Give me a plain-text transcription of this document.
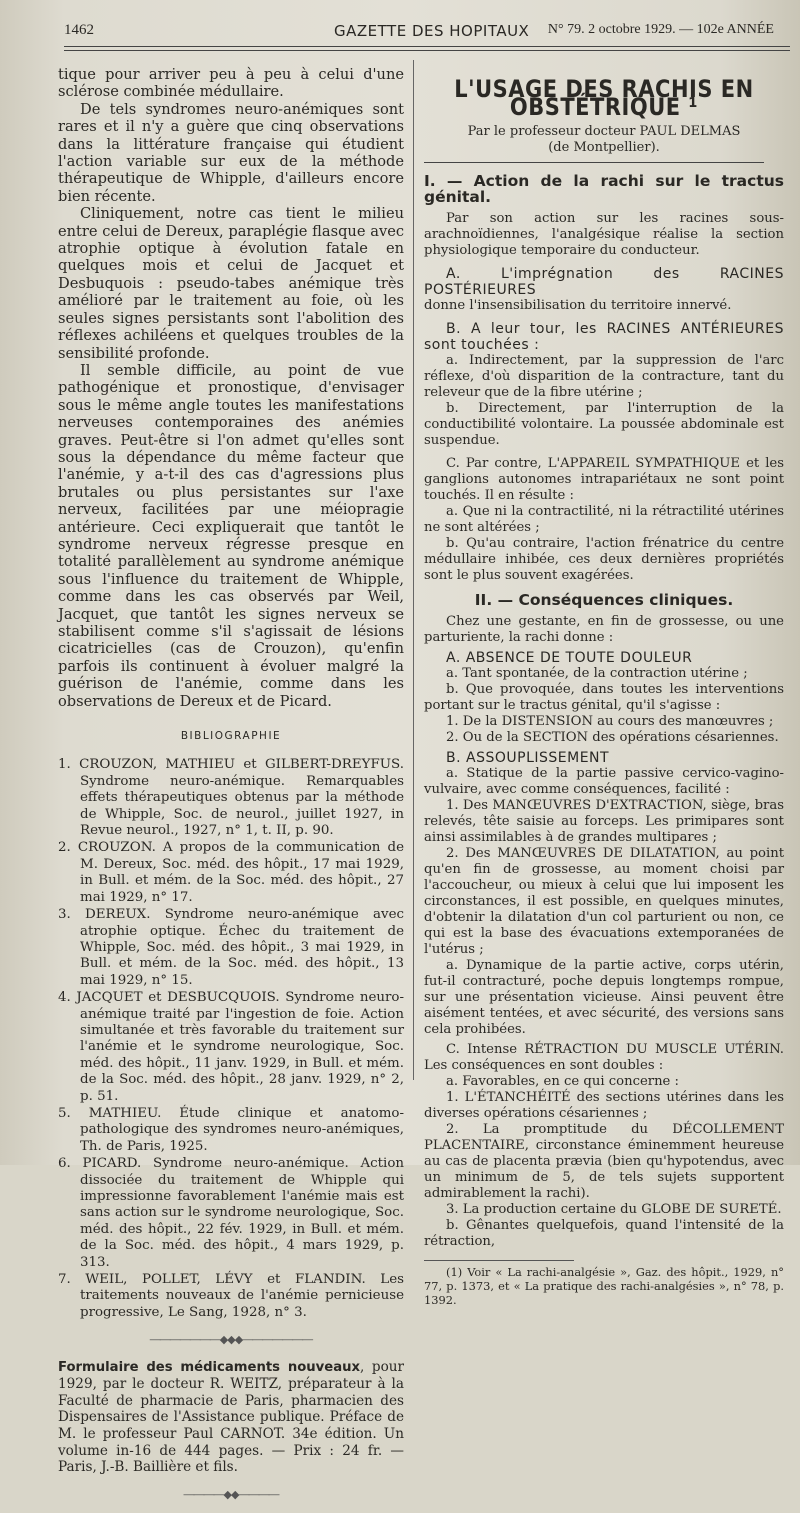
1462	GAZETTE DES HOPITAUX N° 79. 2 octobre 1929. — 102e ANNÉE

tique pour arriver peu à peu à celui d'une sclérose combinée médullaire.

De tels syndromes neuro-anémiques sont rares et il n'y a guère que cinq observations dans la littérature française qui étudient l'action variable sur eux de la méthode thérapeutique de Whipple, d'ailleurs encore bien récente.

Cliniquement, notre cas tient le milieu entre celui de Dereux, paraplégie flasque avec atrophie optique à évolution fatale en quelques mois et celui de Jacquet et Desbuquois : pseudo-tabes anémique très amélioré par le traitement au foie, où les seules signes persistants sont l'abolition des réflexes achiléens et quelques troubles de la sensibilité profonde.

Il semble difficile, au point de vue pathogénique et pronostique, d'envisager sous le même angle toutes les manifestations nerveuses contemporaines des anémies graves. Peut-être si l'on admet qu'elles sont sous la dépendance du même facteur que l'anémie, y a-t-il des cas d'agressions plus brutales ou plus persistantes sur l'axe nerveux, facilitées par une méiopragie antérieure. Ceci expliquerait que tantôt le syndrome nerveux régresse presque en totalité parallèlement au syndrome anémique sous l'influence du traitement de Whipple, comme dans les cas observés par Weil, Jacquet, que tantôt les signes nerveux se stabilisent comme s'il s'agissait de lésions cicatricielles (cas de Crouzon), qu'enfin parfois ils continuent à évoluer malgré la guérison de l'anémie, comme dans les observations de Dereux et de Picard.

BIBLIOGRAPHIE

1. CROUZON, MATHIEU et GILBERT-DREYFUS. Syndrome neuro-anémique. Remarquables effets thérapeutiques obtenus par la méthode de Whipple, Soc. de neurol., juillet 1927, in Revue neurol., 1927, n° 1, t. II, p. 90.

2. CROUZON. A propos de la communication de M. Dereux, Soc. méd. des hôpit., 17 mai 1929, in Bull. et mém. de la Soc. méd. des hôpit., 27 mai 1929, n° 17.

3. DEREUX. Syndrome neuro-anémique avec atrophie optique. Échec du traitement de Whipple, Soc. méd. des hôpit., 3 mai 1929, in Bull. et mém. de la Soc. méd. des hôpit., 13 mai 1929, n° 15.

4. JACQUET et DESBUCQUOIS. Syndrome neuro-anémique traité par l'ingestion de foie. Action simultanée et très favorable du traitement sur l'anémie et le syndrome neurologique, Soc. méd. des hôpit., 11 janv. 1929, in Bull. et mém. de la Soc. méd. des hôpit., 28 janv. 1929, n° 2, p. 51.

5. MATHIEU. Étude clinique et anatomo-pathologique des syndromes neuro-anémiques, Th. de Paris, 1925.

6. PICARD. Syndrome neuro-anémique. Action dissociée du traitement de Whipple qui impressionne favorablement l'anémie mais est sans action sur le syndrome neurologique, Soc. méd. des hôpit., 22 fév. 1929, in Bull. et mém. de la Soc. méd. des hôpit., 4 mars 1929, p. 313.

7. WEIL, POLLET, LÉVY et FLANDIN. Les traitements nouveaux de l'anémie pernicieuse progressive, Le Sang, 1928, n° 3.

―――――――◆◆◆―――――――

Formulaire des médicaments nouveaux, pour 1929, par le docteur R. WEITZ, préparateur à la Faculté de pharmacie de Paris, pharmacien des Dispensaires de l'Assistance publique. Préface de M. le professeur Paul CARNOT. 34e édition. Un volume in-16 de 444 pages. — Prix : 24 fr. — Paris, J.-B. Baillière et fils.

――――◆◆――――
L'USAGE DES RACHIS EN OBSTÉTRIQUE ¹

Par le professeur docteur PAUL DELMAS

(de Montpellier).

I. — Action de la rachi sur le tractus génital.

Par son action sur les racines sous-arachnoïdiennes, l'analgésique réalise la section physiologique temporaire du conducteur.

A. L'imprégnation des RACINES POSTÉRIEURES

donne l'insensibilisation du territoire innervé.

B. A leur tour, les RACINES ANTÉRIEURES sont touchées :

a. Indirectement, par la suppression de l'arc réflexe, d'où disparition de la contracture, tant du releveur que de la fibre utérine ;

b. Directement, par l'interruption de la conductibilité volontaire. La poussée abdominale est suspendue.

C. Par contre, L'APPAREIL SYMPATHIQUE et les ganglions autonomes intrapariétaux ne sont point touchés. Il en résulte :

a. Que ni la contractilité, ni la rétractilité utérines ne sont altérées ;

b. Qu'au contraire, l'action frénatrice du centre médullaire inhibée, ces deux dernières propriétés sont le plus souvent exagérées.

II. — Conséquences cliniques.

Chez une gestante, en fin de grossesse, ou une parturiente, la rachi donne :

A. ABSENCE DE TOUTE DOULEUR

a. Tant spontanée, de la contraction utérine ;

b. Que provoquée, dans toutes les interventions portant sur le tractus génital, qu'il s'agisse :

1. De la DISTENSION au cours des manœuvres ;

2. Ou de la SECTION des opérations césariennes.

B. ASSOUPLISSEMENT

a. Statique de la partie passive cervico-vagino-vulvaire, avec comme conséquences, facilité :

1. Des MANŒUVRES D'EXTRACTION, siège, bras relevés, tête saisie au forceps. Les primipares sont ainsi assimilables à de grandes multipares ;

2. Des MANŒUVRES DE DILATATION, au point qu'en fin de grossesse, au moment choisi par l'accoucheur, ou mieux à celui que lui imposent les circonstances, il est possible, en quelques minutes, d'obtenir la dilatation d'un col parturient ou non, ce qui est la base des évacuations extemporanées de l'utérus ;

a. Dynamique de la partie active, corps utérin, fut-il contracturé, poche depuis longtemps rompue, sur une présentation vicieuse. Ainsi peuvent être aisément tentées, et avec sécurité, des versions sans cela prohibées.

C. Intense RÉTRACTION DU MUSCLE UTÉRIN. Les conséquences en sont doubles :

a. Favorables, en ce qui concerne :

1. L'ÉTANCHÉITÉ des sections utérines dans les diverses opérations césariennes ;

2. La promptitude du DÉCOLLEMENT PLACENTAIRE, circonstance éminemment heureuse au cas de placenta prævia (bien qu'hypotendus, avec un minimum de 5, de tels sujets supportent admirablement la rachi).

3. La production certaine du GLOBE DE SURETÉ.

b. Gênantes quelquefois, quand l'intensité de la rétraction,

(1) Voir « La rachi-analgésie », Gaz. des hôpit., 1929, n° 77, p. 1373, et « La pratique des rachi-analgésies », n° 78, p. 1392.
